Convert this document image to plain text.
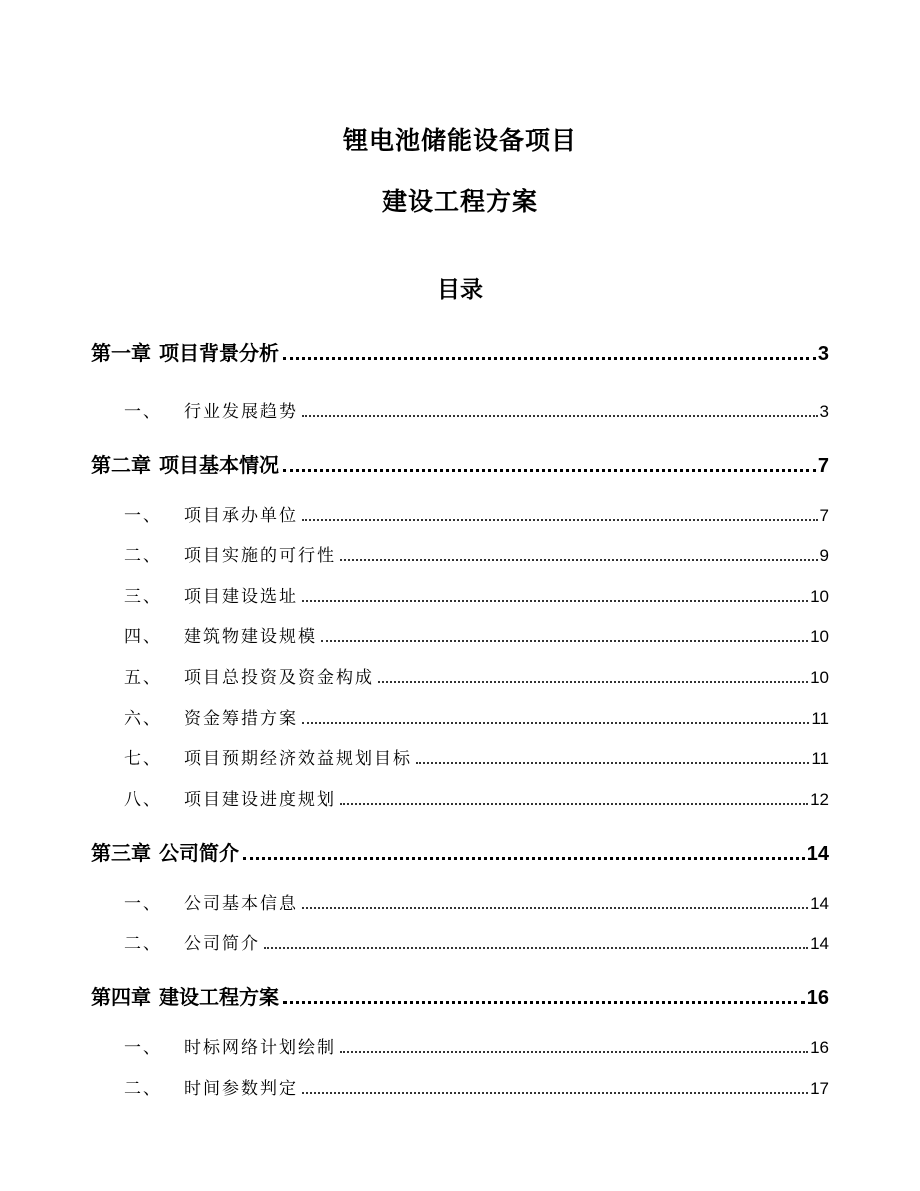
锂电池储能设备项目
建设工程方案
目录
第一章 项目背景分析	3
一、 行业发展趋势	3
第二章 项目基本情况	7
一、 项目承办单位	7
二、 项目实施的可行性	9
三、 项目建设选址	10
四、 建筑物建设规模	10
五、 项目总投资及资金构成	10
六、 资金筹措方案	11
七、 项目预期经济效益规划目标	11
八、 项目建设进度规划	12
第三章 公司简介	14
一、 公司基本信息	14
二、 公司简介	14
第四章 建设工程方案	16
一、 时标网络计划绘制	16
二、 时间参数判定	17
